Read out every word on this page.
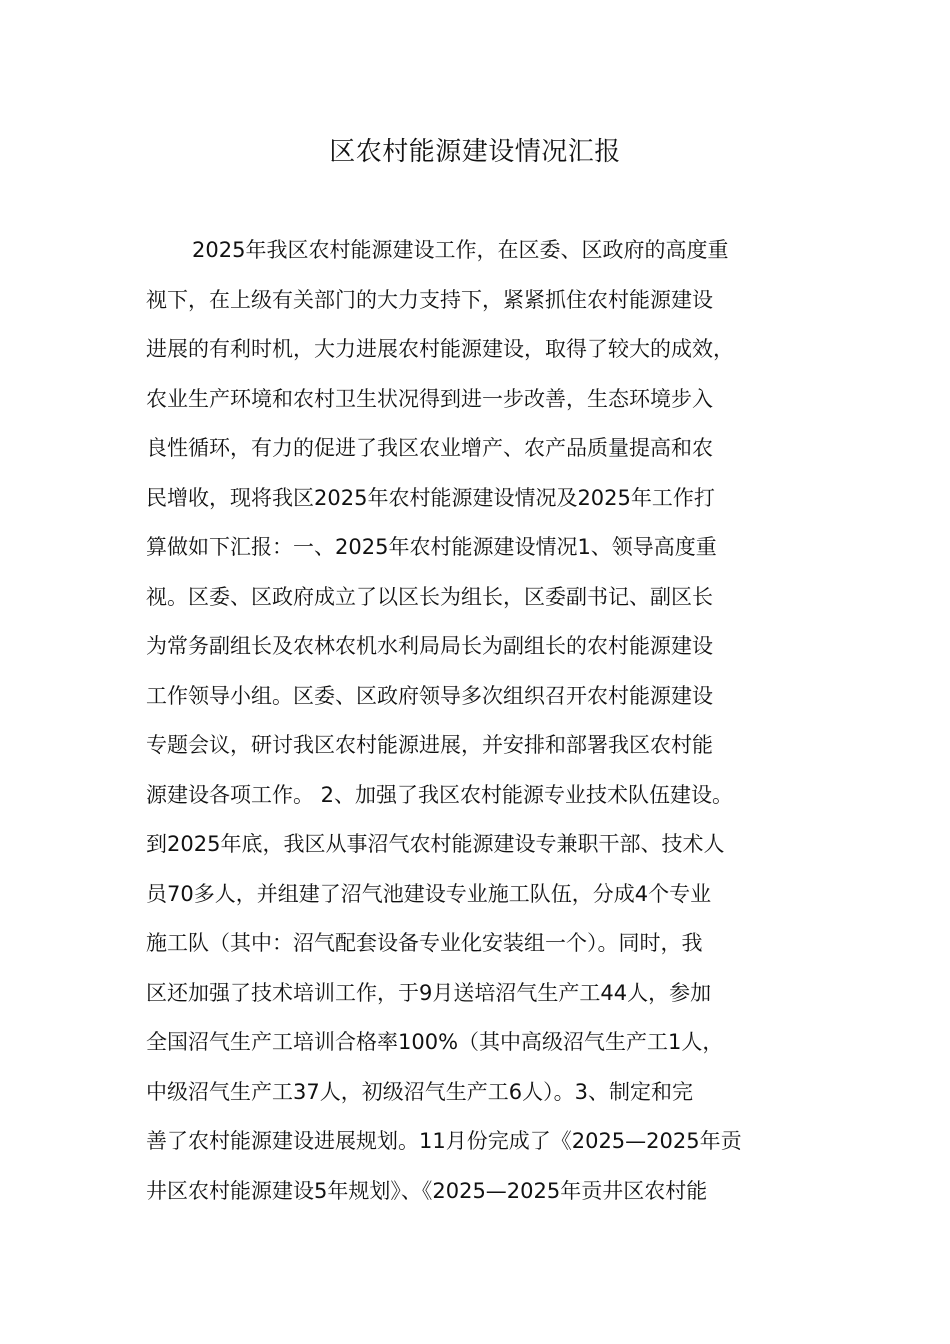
区农村能源建设情况汇报
2025年我区农村能源建设工作，在区委、区政府的高度重
视下，在上级有关部门的大力支持下，紧紧抓住农村能源建设
进展的有利时机，大力进展农村能源建设，取得了较大的成效，
农业生产环境和农村卫生状况得到进一步改善，生态环境步入
良性循环，有力的促进了我区农业增产、农产品质量提高和农
民增收，现将我区2025年农村能源建设情况及2025年工作打
算做如下汇报：一、2025年农村能源建设情况1、领导高度重
视。区委、区政府成立了以区长为组长，区委副书记、副区长
为常务副组长及农林农机水利局局长为副组长的农村能源建设
工作领导小组。区委、区政府领导多次组织召开农村能源建设
专题会议，研讨我区农村能源进展，并安排和部署我区农村能
源建设各项工作。 2、加强了我区农村能源专业技术队伍建设。
到2025年底，我区从事沼气农村能源建设专兼职干部、技术人
员70多人，并组建了沼气池建设专业施工队伍，分成4个专业
施工队（其中：沼气配套设备专业化安装组一个）。同时，我
区还加强了技术培训工作，于9月送培沼气生产工44人，参加
全国沼气生产工培训合格率100%（其中高级沼气生产工1人，
中级沼气生产工37人，初级沼气生产工6人）。3、制定和完
善了农村能源建设进展规划。11月份完成了《2025—2025年贡
井区农村能源建设5年规划》、《2025—2025年贡井区农村能
